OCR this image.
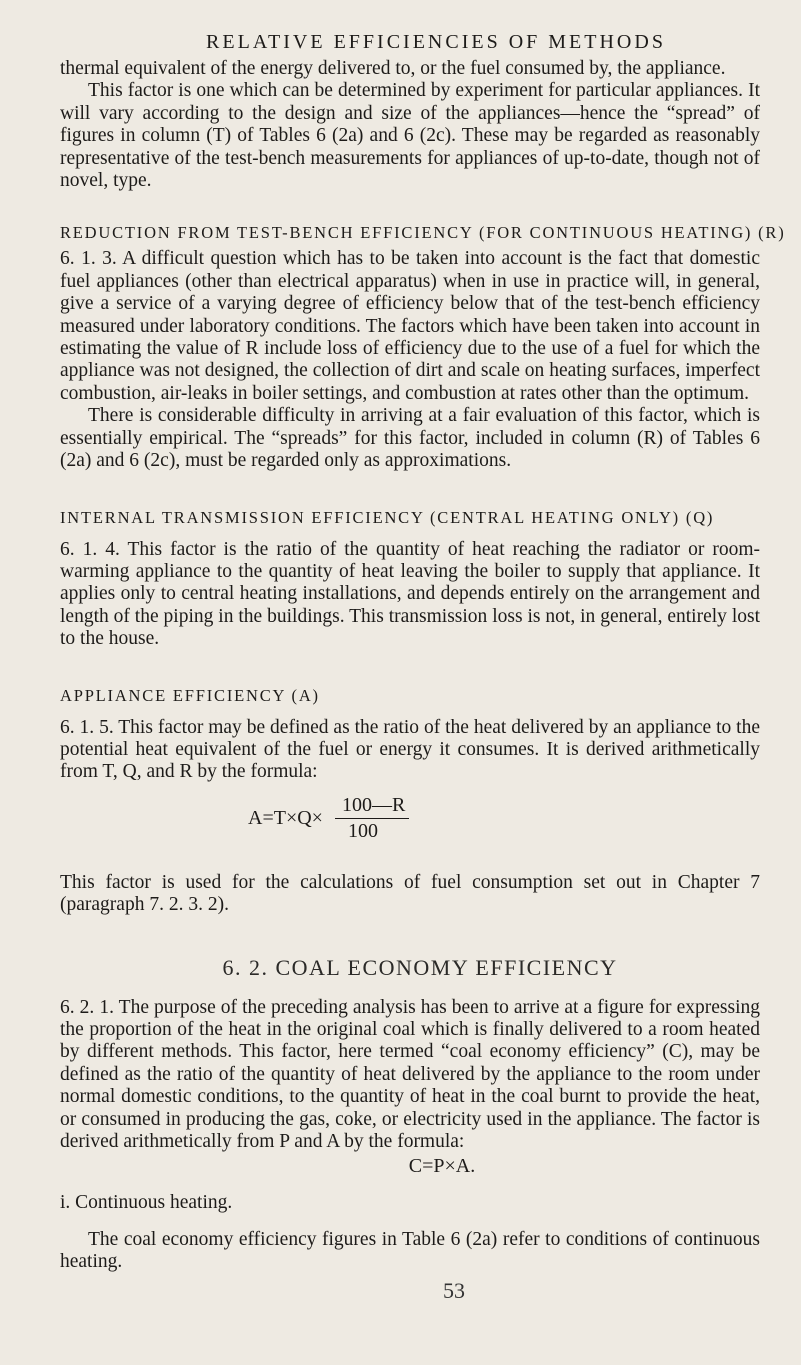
RELATIVE EFFICIENCIES OF METHODS

thermal equivalent of the energy delivered to, or the fuel consumed by, the appliance.

This factor is one which can be determined by experiment for particular appliances. It will vary according to the design and size of the appliances—hence the “spread” of figures in column (T) of Tables 6 (2a) and 6 (2c). These may be regarded as reasonably representative of the test-bench measurements for appliances of up-to-date, though not of novel, type.

REDUCTION FROM TEST-BENCH EFFICIENCY (FOR CONTINUOUS HEATING) (R)

6. 1. 3. A difficult question which has to be taken into account is the fact that domestic fuel appliances (other than electrical apparatus) when in use in practice will, in general, give a service of a varying degree of efficiency below that of the test-bench efficiency measured under laboratory conditions. The factors which have been taken into account in estimating the value of R include loss of efficiency due to the use of a fuel for which the appliance was not designed, the collection of dirt and scale on heating surfaces, imperfect combustion, air-leaks in boiler settings, and combustion at rates other than the optimum.

There is considerable difficulty in arriving at a fair evaluation of this factor, which is essentially empirical. The “spreads” for this factor, included in column (R) of Tables 6 (2a) and 6 (2c), must be regarded only as approximations.

INTERNAL TRANSMISSION EFFICIENCY (CENTRAL HEATING ONLY) (Q)

6. 1. 4. This factor is the ratio of the quantity of heat reaching the radiator or room-warming appliance to the quantity of heat leaving the boiler to supply that appliance. It applies only to central heating installations, and depends entirely on the arrangement and length of the piping in the buildings. This transmission loss is not, in general, entirely lost to the house.

APPLIANCE EFFICIENCY (A)

6. 1. 5. This factor may be defined as the ratio of the heat delivered by an appliance to the potential heat equivalent of the fuel or energy it consumes. It is derived arithmetically from T, Q, and R by the formula:

A=T×Q×
100—R
100

This factor is used for the calculations of fuel consumption set out in Chapter 7 (paragraph 7. 2. 3. 2).

6. 2. COAL ECONOMY EFFICIENCY

6. 2. 1. The purpose of the preceding analysis has been to arrive at a figure for expressing the proportion of the heat in the original coal which is finally delivered to a room heated by different methods. This factor, here termed “coal economy efficiency” (C), may be defined as the ratio of the quantity of heat delivered by the appliance to the room under normal domestic conditions, to the quantity of heat in the coal burnt to provide the heat, or consumed in producing the gas, coke, or electricity used in the appliance. The factor is derived arithmetically from P and A by the formula:

C=P×A.

i. Continuous heating.

The coal economy efficiency figures in Table 6 (2a) refer to conditions of continuous heating.

53
